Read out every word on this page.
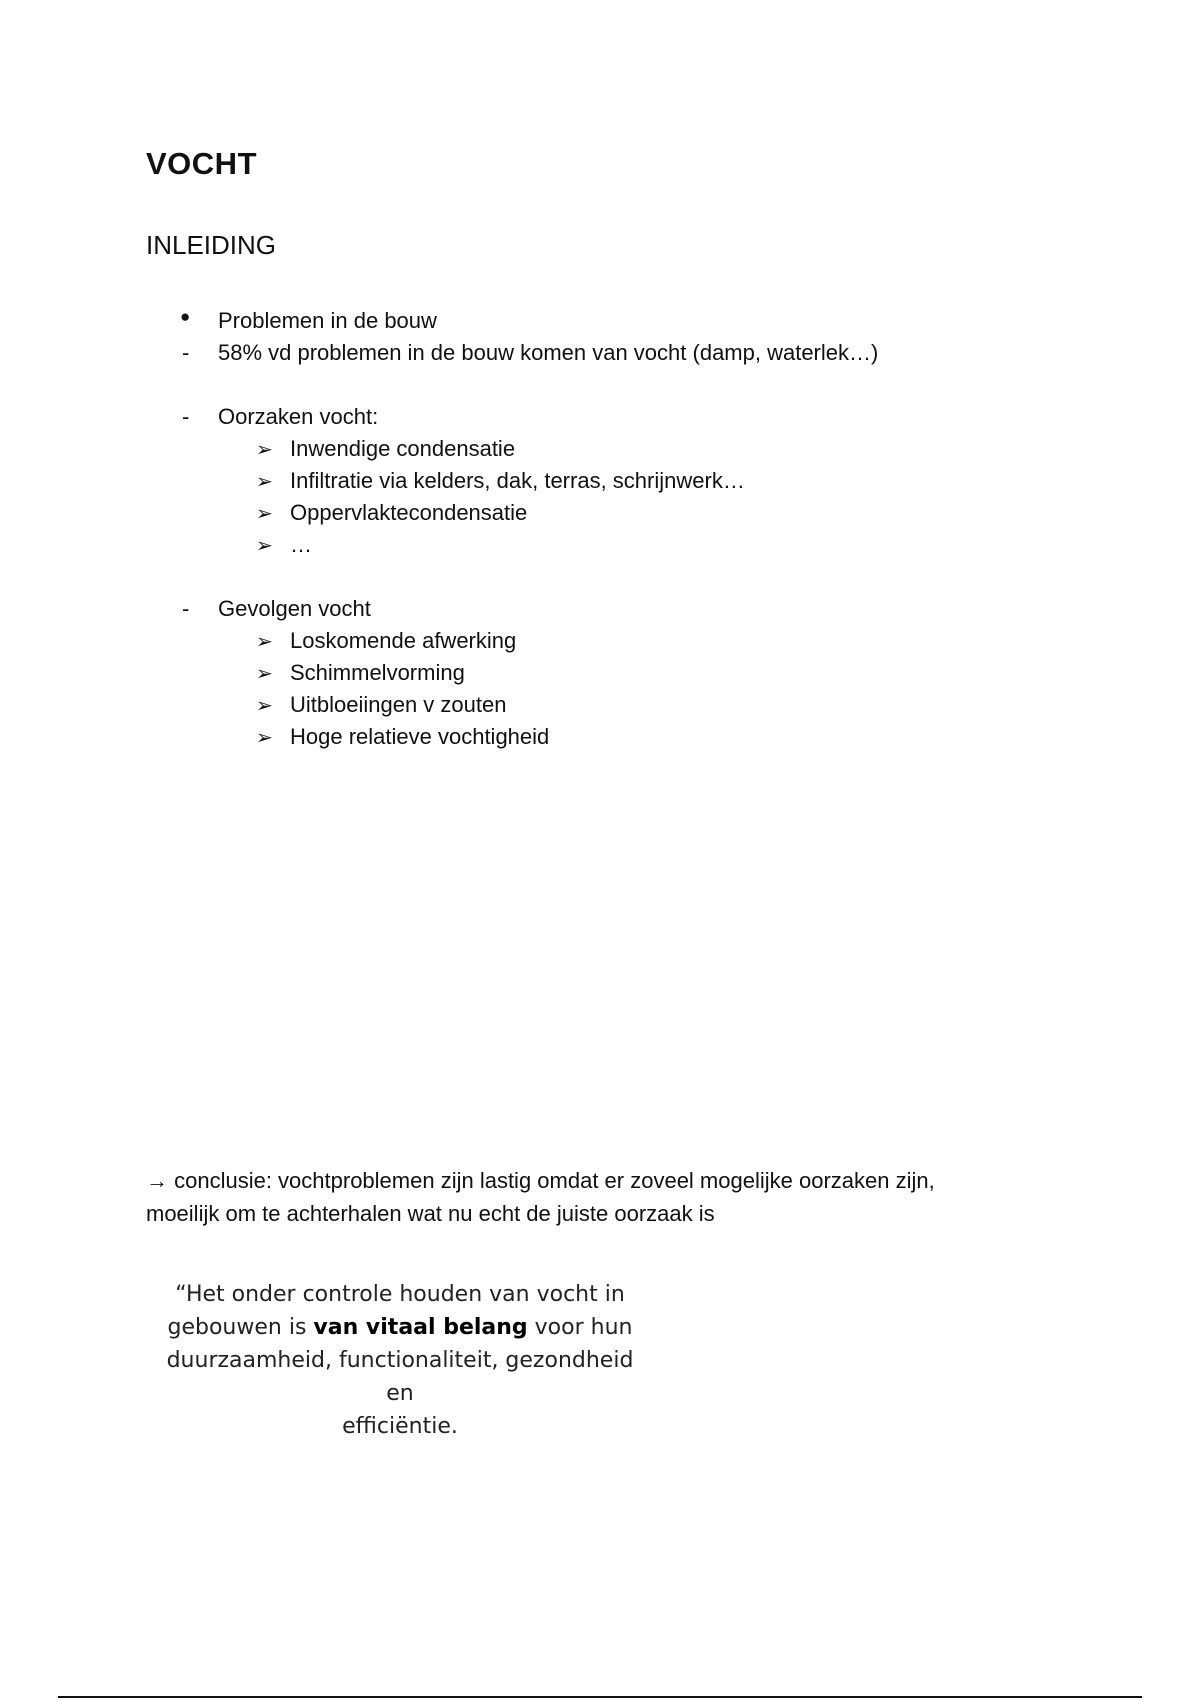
VOCHT
INLEIDING
● Problemen in de bouw
- 58% vd problemen in de bouw komen van vocht (damp, waterlek…)
- Oorzaken vocht:
➢ Inwendige condensatie
➢ Infiltratie via kelders, dak, terras, schrijnwerk…
➢ Oppervlaktecondensatie
➢ …
- Gevolgen vocht
➢ Loskomende afwerking
➢ Schimmelvorming
➢ Uitbloeiingen v zouten
➢ Hoge relatieve vochtigheid
→ conclusie: vochtproblemen zijn lastig omdat er zoveel mogelijke oorzaken zijn,
moeilijk om te achterhalen wat nu echt de juiste oorzaak is
“Het onder controle houden van vocht in
gebouwen is van vitaal belang voor hun
duurzaamheid, functionaliteit, gezondheid en
efficiëntie.
